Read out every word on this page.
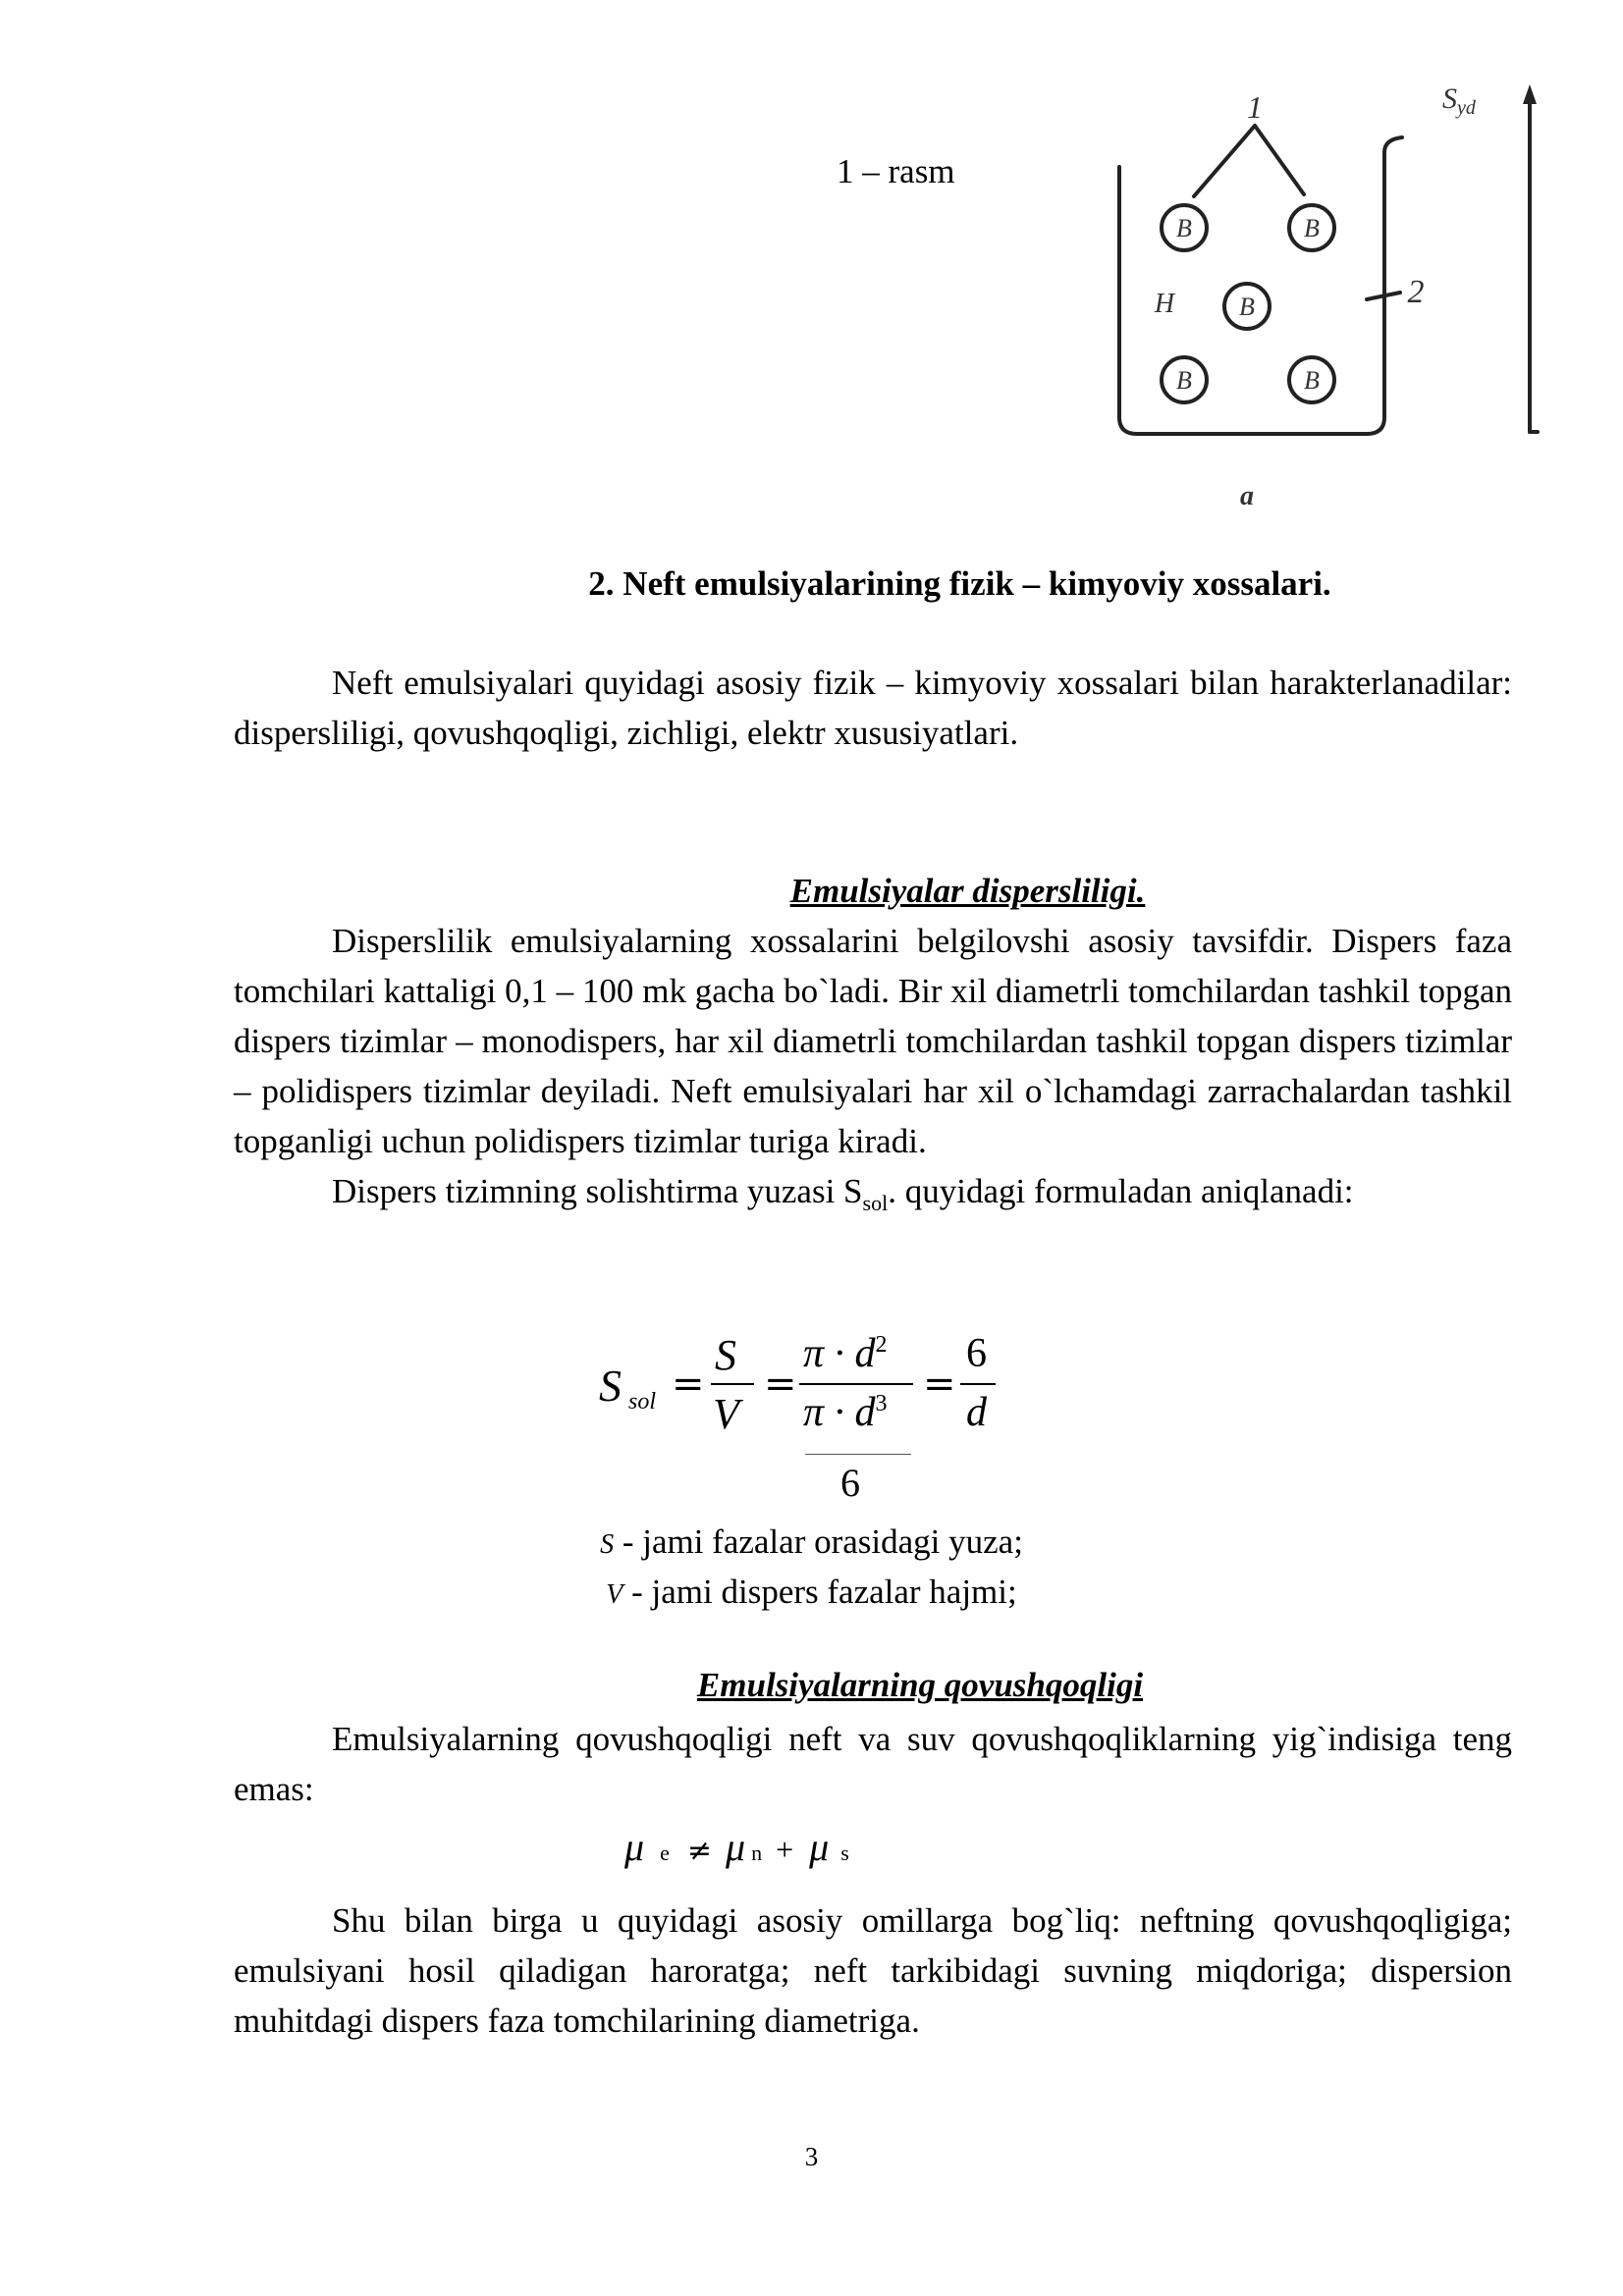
1 – rasm
B	B
B
B	B
H
1
2
a
$S_{yd}$
2. Neft emulsiyalarining fizik – kimyoviy xossalari.

Neft emulsiyalari quyidagi asosiy fizik – kimyoviy xossalari bilan harakterlanadilar: dispersliligi, qovushqoqligi, zichligi, elektr xususiyatlari.

Emulsiyalar dispersliligi.

Disperslilik emulsiyalarning xossalarini belgilovshi asosiy tavsifdir. Dispers faza tomchilari kattaligi 0,1 – 100 mk gacha bo`ladi. Bir xil diametrli tomchilardan tashkil topgan dispers tizimlar – monodispers, har xil diametrli tomchilardan tashkil topgan dispers tizimlar – polidispers tizimlar deyiladi. Neft emulsiyalari har xil o`lchamdagi zarrachalardan tashkil topganligi uchun polidispers tizimlar turiga kiradi.

Dispers tizimning solishtirma yuzasi $S_{sol}$. quyidagi formuladan aniqlanadi:

S sol =
S
V
=
$\pi \cdot d^2$
$\pi \cdot d^3$
6
=
6
d
S - jami fazalar orasidagi yuza;
V - jami dispers fazalar hajmi;
Emulsiyalarning qovushqoqligi

Emulsiyalarning qovushqoqligi neft va suv qovushqoqliklarning yig`indisiga teng emas:

μe ≠ μ n + μ s

Shu bilan birga u quyidagi asosiy omillarga bog`liq: neftning qovushqoqligiga; emulsiyani hosil qiladigan haroratga; neft tarkibidagi suvning miqdoriga; dispersion muhitdagi dispers faza tomchilarining diametriga.

3
